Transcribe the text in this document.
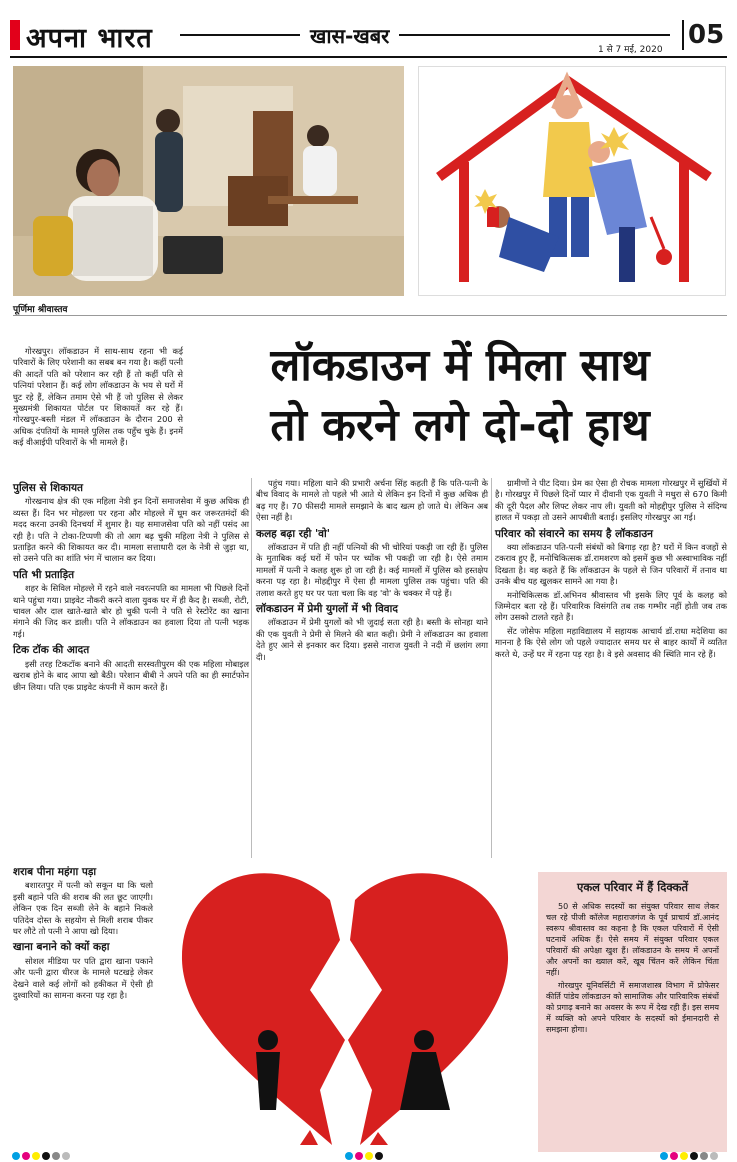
अपना भारत	खास-खबर
1 से 7 मई, 2020 05
पूर्णिमा श्रीवास्तव
लॉकडाउन में मिला साथ
तो करने लगे दो-दो हाथ

गोरखपुर। लॉकडाउन में साथ-साथ रहना भी कई परिवारों के लिए परेशानी का सबब बन गया है। कहीं पत्नी की आदतें पति को परेशान कर रही हैं तो कहीं पति से पत्नियां परेशान हैं। कई लोग लॉकडाउन के भय से घरों में घुट रहे हैं, लेकिन तमाम ऐसे भी हैं जो पुलिस से लेकर मुख्यमंत्री शिकायत पोर्टल पर शिकायतें कर रहे हैं। गोरखपुर-बस्ती मंडल में लॉकडाउन के दौरान 200 से अधिक दंपतियों के मामले पुलिस तक पहुँच चुके हैं। इनमें कई वीआईपी परिवारों के भी मामले हैं।

पुलिस से शिकायत

गोरखनाथ क्षेत्र की एक महिला नेत्री इन दिनों समाजसेवा में कुछ अधिक ही व्यस्त हैं। दिन भर मोहल्ला पर रहना और मोहल्ले में घूम कर जरूरतमंदों की मदद करना उनकी दिनचर्या में शुमार है। यह समाजसेवा पति को नहीं पसंद आ रही है। पति ने टोका-टिप्पणी की तो आग बढ़ चुकी महिला नेत्री ने पुलिस से प्रताड़ित करने की शिकायत कर दी। मामला सत्ताधारी दल के नेत्री से जुड़ा था, सो उसने पति का शांति भंग में चालान कर दिया।

पति भी प्रताड़ित

शहर के सिविल मोहल्ले में रहने वाले नवरत्नपति का मामला भी पिछले दिनों थाने पहुंचा गया। प्राइवेट नौकरी करने वाला युवक घर में ही कैद है। सब्जी, रोटी, चावल और दाल खाते-खाते बोर हो चुकी पत्नी ने पति से रेस्टोरेंट का खाना मंगाने की जिद कर डाली। पति ने लॉकडाउन का हवाला दिया तो पत्नी भड़क गई।

टिक टॉक की आदत

इसी तरह टिकटॉक बनाने की आदती सरस्वतीपुरम की एक महिला मोबाइल खराब होने के बाद आपा खो बैठी। परेशान बीबी ने अपने पति का ही स्मार्टफोन छीन लिया। पति एक प्राइवेट कंपनी में काम करते हैं।

शराब पीना महंगा पड़ा

बशारतपुर में पत्नी को सकून था कि चलो इसी बहाने पति की शराब की लत छूट जाएगी। लेकिन एक दिन सब्जी लेने के बहाने निकले पतिदेव दोस्त के सहयोग से मिली शराब पीकर घर लौटे तो पत्नी ने आपा खो दिया।

खाना बनाने को क्यों कहा

सोशल मीडिया पर पति द्वारा खाना पकाने और पत्नी द्वारा धीरज के मामले घटखड़े लेकर देखने वाले कई लोगों को हकीकत में ऐसी ही दुश्वारियों का सामना करना पड़ रहा है।

पहुंच गया। महिला थाने की प्रभारी अर्चना सिंह कहती हैं कि पति-पत्नी के बीच विवाद के मामले तो पहले भी आते थे लेकिन इन दिनों में कुछ अधिक ही बढ़ गए हैं। 70 फीसदी मामले समझाने के बाद खत्म हो जाते थे। लेकिन अब ऐसा नहीं है।

कलह बढ़ा रही 'वो'

लॉकडाउन में पति ही नहीं पत्नियों की भी चोरियां पकड़ी जा रही हैं। पुलिस के मुताबिक कई घरों में फोन पर च्योंक भी पकड़ी जा रही है। ऐसे तमाम मामलों में पत्नी ने कलह शुरू हो जा रही है। कई मामलों में पुलिस को हस्तक्षेप करना पड़ रहा है। मोहद्दीपुर में ऐसा ही मामला पुलिस तक पहुंचा। पति की तलाश करते हुए घर पर पता चला कि वह 'वो' के चक्कर में पड़े हैं।

लॉकडाउन में प्रेमी युगलों में भी विवाद

लॉकडाउन में प्रेमी युगलों को भी जुदाई सता रही है। बस्ती के सोनहा थाने की एक युवती ने प्रेमी से मिलने की बात कही। प्रेमी ने लॉकडाउन का हवाला देते हुए आने से इनकार कर दिया। इससे नाराज युवती ने नदी में छलांग लगा दी।

ग्रामीणों ने पीट दिया। प्रेम का ऐसा ही रोचक मामला गोरखपुर में सुर्खियों में है। गोरखपुर में पिछले दिनों प्यार में दीवानी एक युवती ने मथुरा से 670 किमी की दूरी पैदल और लिफ्ट लेकर नाप ली। युवती को मोहद्दीपुर पुलिस ने संदिग्ध हालत में पकड़ा तो उसने आपबीती बताई। इसलिए गोरखपुर आ गई।

परिवार को संवारने का समय है लॉकडाउन

क्या लॉकडाउन पति-पत्नी संबंधों को बिगाड़ रहा है? घरों में किन वजहों से टकराव हुए हैं, मनोचिकित्सक डॉ.रामशरण को इसमें कुछ भी अस्वाभाविक नहीं दिखता है। वह कहते हैं कि लॉकडाउन के पहले से जिन परिवारों में तनाव था उनके बीच यह खुलकर सामने आ गया है।

मनोचिकित्सक डॉ.अभिनव श्रीवास्तव भी इसके लिए पूर्व के कलह को जिम्मेदार बता रहे हैं। परिवारिक विसंगति तब तक गम्भीर नहीं होती जब तक लोग उसको टालते रहते हैं।

सेंट जोसेफ महिला महाविद्यालय में सहायक आचार्य डॉ.राधा मदेशिया का मानना है कि ऐसे लोग जो पहले ज्यादातर समय घर से बाहर कार्यों में व्यतित करते थे, उन्हें घर में रहना पड़ रहा है। वे इसे अवसाद की स्थिति मान रहे हैं।

एकल परिवार में हैं दिक्कतें

50 से अधिक सदस्यों का संयुक्त परिवार साथ लेकर चल रहे पीजी कॉलेज महाराजगंज के पूर्व प्राचार्य डॉ.आनंद स्वरूप श्रीवास्तव का कहना है कि एकल परिवारों में ऐसी घटनायें अधिक हैं। ऐसे समय में संयुक्त परिवार एकल परिवारों की अपेक्षा खुश हैं। लॉकडाउन के समय में अपनों और अपनों का ख्याल करें, खूब चिंतन करें लेकिन चिंता नहीं।

गोरखपुर यूनिवर्सिटी में समाजशास्त्र विभाग में प्रोफेसर कीर्ति पांडेय लॉकडाउन को सामाजिक और पारिवारिक संबंधों को प्रगाढ़ बनाने का अवसर के रूप में देख रही हैं। इस समय में व्यक्ति को अपने परिवार के सदस्यों को ईमानदारी से समझना होगा।
